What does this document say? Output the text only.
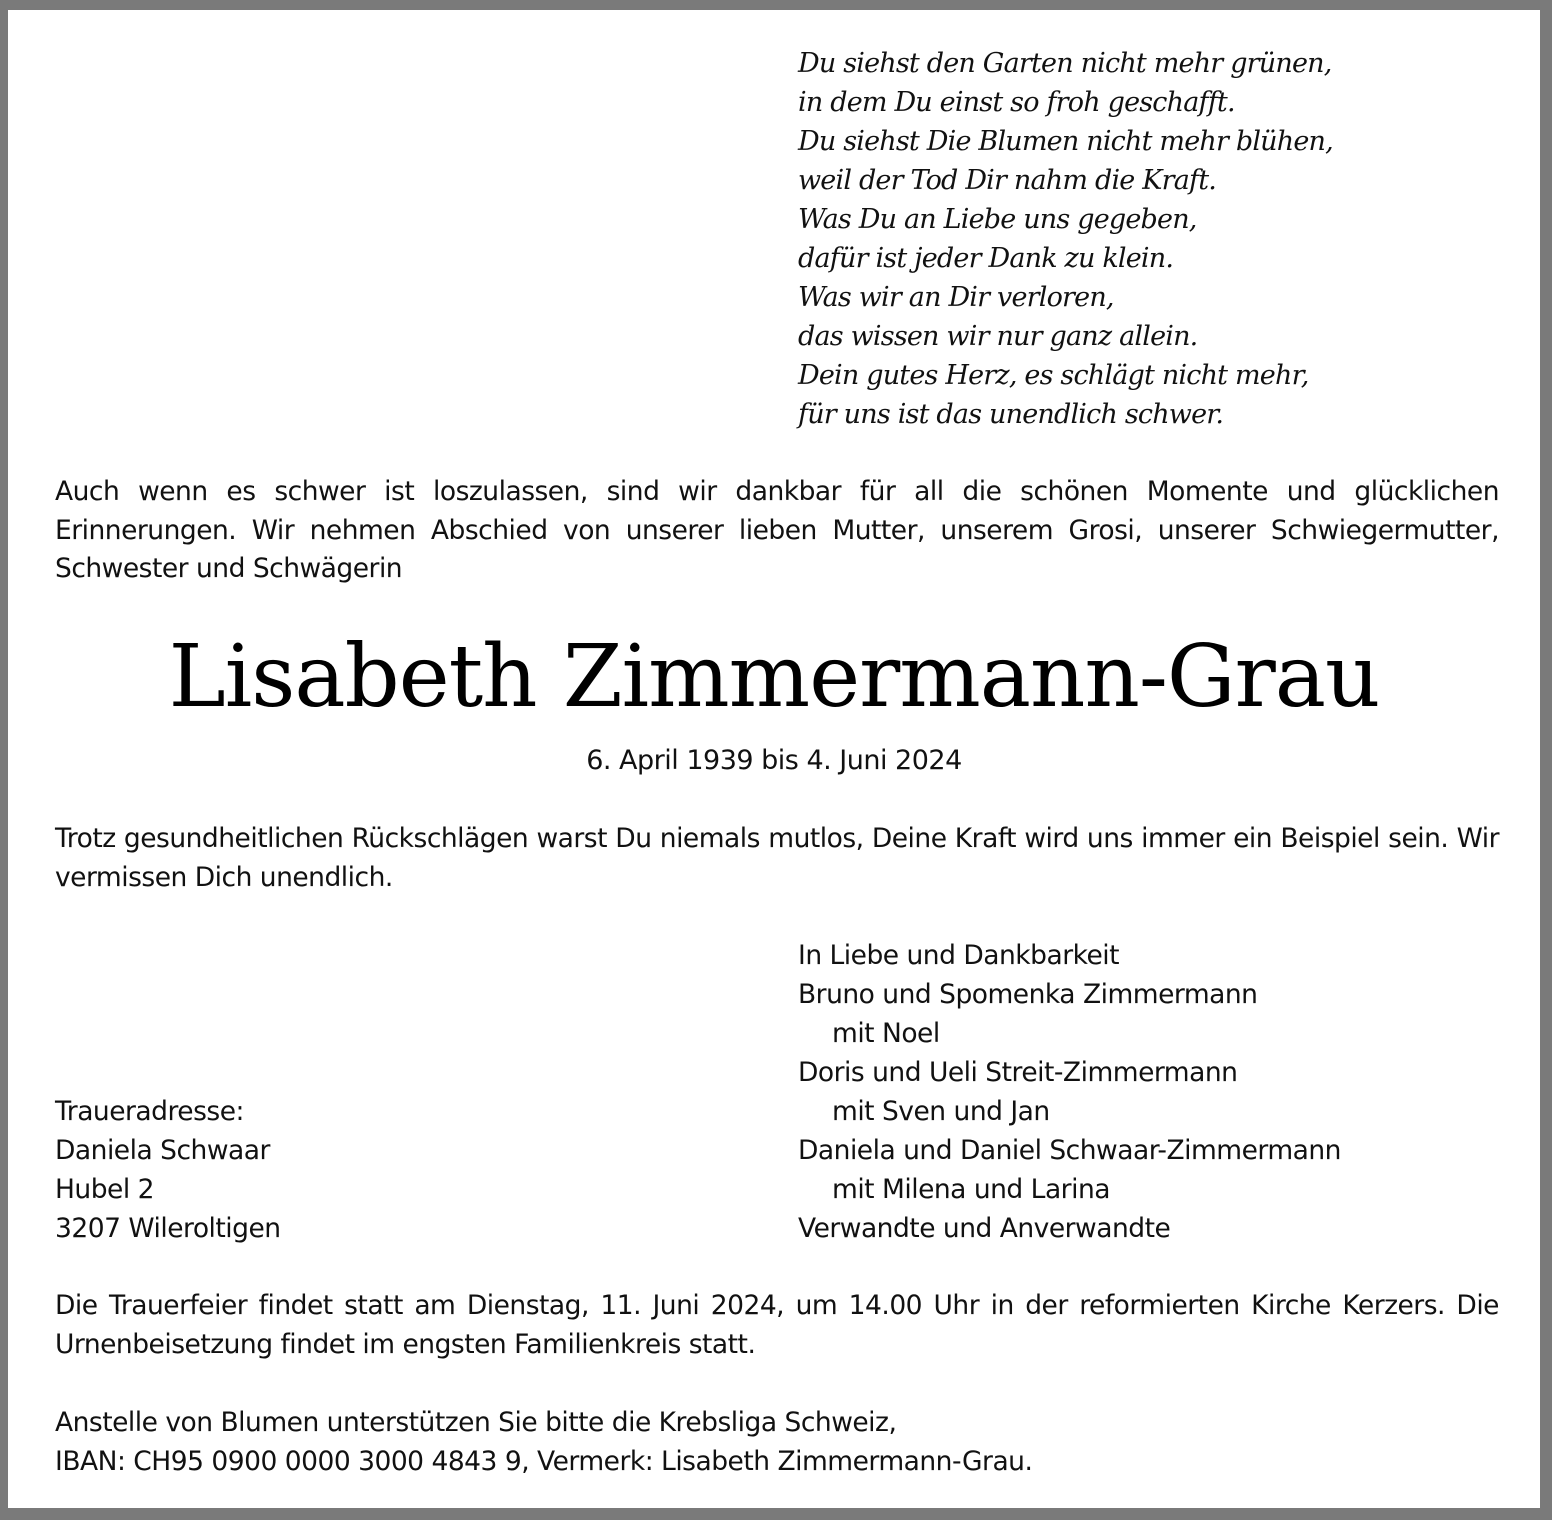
Du siehst den Garten nicht mehr grünen,
in dem Du einst so froh geschafft.
Du siehst Die Blumen nicht mehr blühen,
weil der Tod Dir nahm die Kraft.
Was Du an Liebe uns gegeben,
dafür ist jeder Dank zu klein.
Was wir an Dir verloren,
das wissen wir nur ganz allein.
Dein gutes Herz, es schlägt nicht mehr,
für uns ist das unendlich schwer.
Auch wenn es schwer ist loszulassen, sind wir dankbar für all die schönen Momente und glücklichen Erinnerungen. Wir nehmen Abschied von unserer lieben Mutter, unserem Grosi, unserer Schwiegermutter, Schwester und Schwägerin
Lisabeth Zimmermann-Grau
6. April 1939 bis 4. Juni 2024
Trotz gesundheitlichen Rückschlägen warst Du niemals mutlos, Deine Kraft wird uns immer ein Beispiel sein. Wir vermissen Dich unendlich.
In Liebe und Dankbarkeit
Bruno und Spomenka Zimmermann
mit Noel
Doris und Ueli Streit-Zimmermann
mit Sven und Jan
Daniela und Daniel Schwaar-Zimmermann
mit Milena und Larina
Verwandte und Anverwandte
Traueradresse:
Daniela Schwaar
Hubel 2
3207 Wileroltigen
Die Trauerfeier findet statt am Dienstag, 11. Juni 2024, um 14.00 Uhr in der reformierten Kirche Kerzers. Die Urnenbeisetzung findet im engsten Familienkreis statt.
Anstelle von Blumen unterstützen Sie bitte die Krebsliga Schweiz,
IBAN: CH95 0900 0000 3000 4843 9, Vermerk: Lisabeth Zimmermann-Grau.
